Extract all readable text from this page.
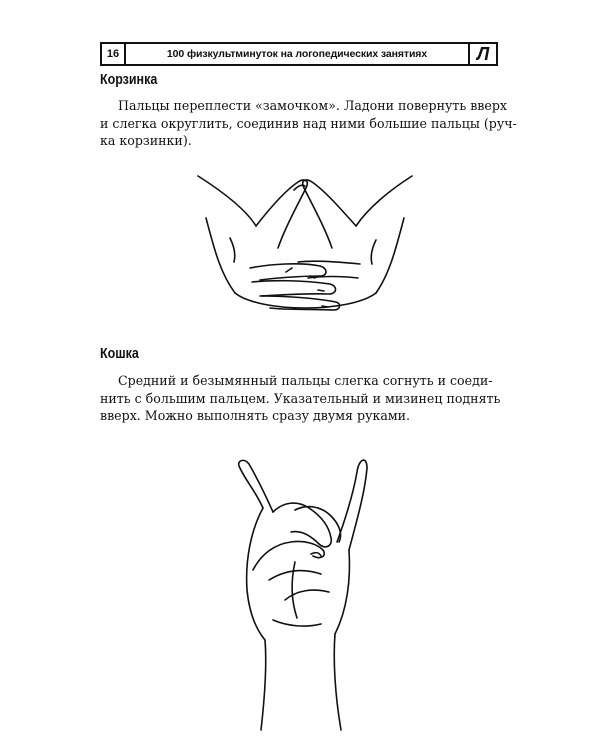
16	100 физкультминуток на логопедических занятиях	Л
Корзинка

Пальцы переплести «замочком». Ладони повернуть вверх
и слегка округлить, соединив над ними большие пальцы (руч-
ка корзинки).

Кошка

Средний и безымянный пальцы слегка согнуть и соеди-
нить с большим пальцем. Указательный и мизинец поднять
вверх. Можно выполнять сразу двумя руками.
